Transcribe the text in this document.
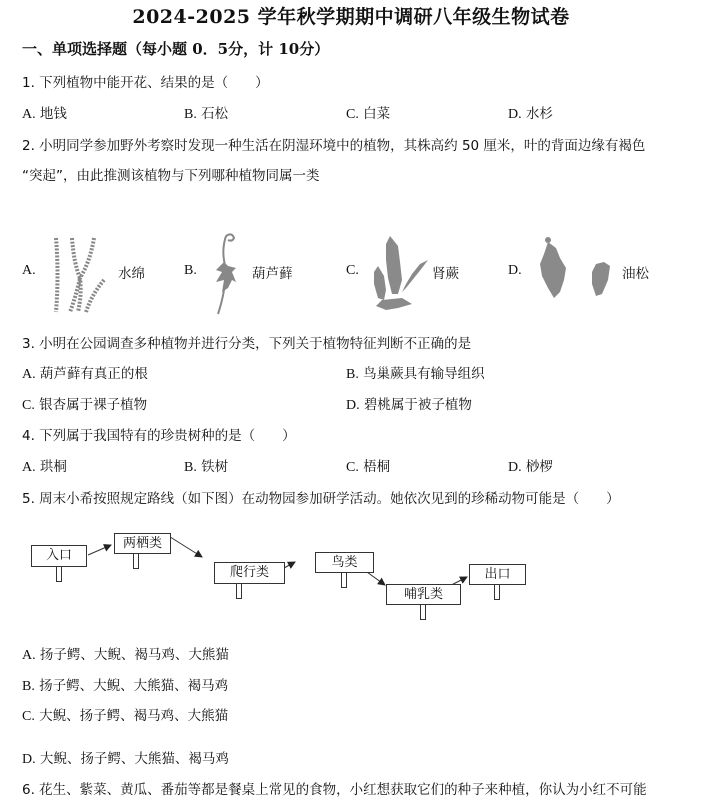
2024-2025 学年秋学期期中调研八年级生物试卷
一、单项选择题（每小题 0．5分，计 10分）
1. 下列植物中能开花、结果的是（　　）
A. 地钱	B. 石松	C. 白菜	D. 水杉
2. 小明同学参加野外考察时发现一种生活在阴湿环境中的植物，其株高约 50 厘米，叶的背面边缘有褐色
“突起”，由此推测该植物与下列哪种植物同属一类
A.	水绵	B.	葫芦藓	C.	肾蕨	D.	油松
3. 小明在公园调查多种植物并进行分类，下列关于植物特征判断不正确的是
A. 葫芦藓有真正的根	B. 鸟巢蕨具有输导组织
C. 银杏属于裸子植物	D. 碧桃属于被子植物
4. 下列属于我国特有的珍贵树种的是（　　）
A. 珙桐	B. 铁树	C. 梧桐	D. 桫椤
5. 周末小希按照规定路线（如下图）在动物园参加研学活动。她依次见到的珍稀动物可能是（　　）
入口
两栖类
爬行类
鸟类
哺乳类
出口
A. 扬子鳄、大鲵、褐马鸡、大熊猫
B. 扬子鳄、大鲵、大熊猫、褐马鸡
C. 大鲵、扬子鳄、褐马鸡、大熊猫
D. 大鲵、扬子鳄、大熊猫、褐马鸡
6. 花生、紫菜、黄瓜、番茄等都是餐桌上常见的食物，小红想获取它们的种子来种植，你认为小红不可能
